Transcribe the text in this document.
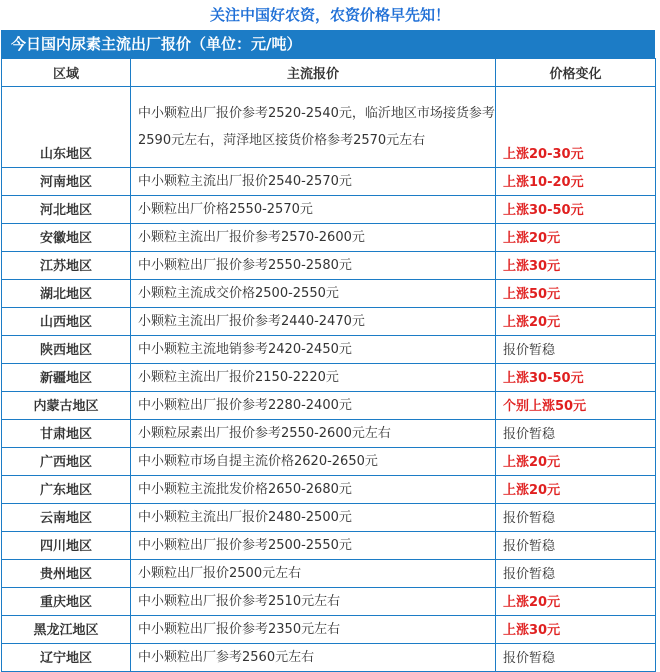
关注中国好农资，农资价格早先知！
今日国内尿素主流出厂报价（单位：元/吨）
区域	主流报价	价格变化
山东地区	中小颗粒出厂报价参考2520-2540元，临沂地区市场接货参考2590元左右，菏泽地区接货价格参考2570元左右	上涨20-30元
河南地区	中小颗粒主流出厂报价2540-2570元	上涨10-20元
河北地区	小颗粒出厂价格2550-2570元	上涨30-50元
安徽地区	小颗粒主流出厂报价参考2570-2600元	上涨20元
江苏地区	中小颗粒出厂报价参考2550-2580元	上涨30元
湖北地区	小颗粒主流成交价格2500-2550元	上涨50元
山西地区	小颗粒主流出厂报价参考2440-2470元	上涨20元
陕西地区	中小颗粒主流地销参考2420-2450元	报价暂稳
新疆地区	小颗粒主流出厂报价2150-2220元	上涨30-50元
内蒙古地区	中小颗粒出厂报价参考2280-2400元	个别上涨50元
甘肃地区	小颗粒尿素出厂报价参考2550-2600元左右	报价暂稳
广西地区	中小颗粒市场自提主流价格2620-2650元	上涨20元
广东地区	中小颗粒主流批发价格2650-2680元	上涨20元
云南地区	中小颗粒主流出厂报价2480-2500元	报价暂稳
四川地区	中小颗粒出厂报价参考2500-2550元	报价暂稳
贵州地区	小颗粒出厂报价2500元左右	报价暂稳
重庆地区	中小颗粒出厂报价参考2510元左右	上涨20元
黑龙江地区	中小颗粒出厂报价参考2350元左右	上涨30元
辽宁地区	中小颗粒出厂参考2560元左右	报价暂稳
